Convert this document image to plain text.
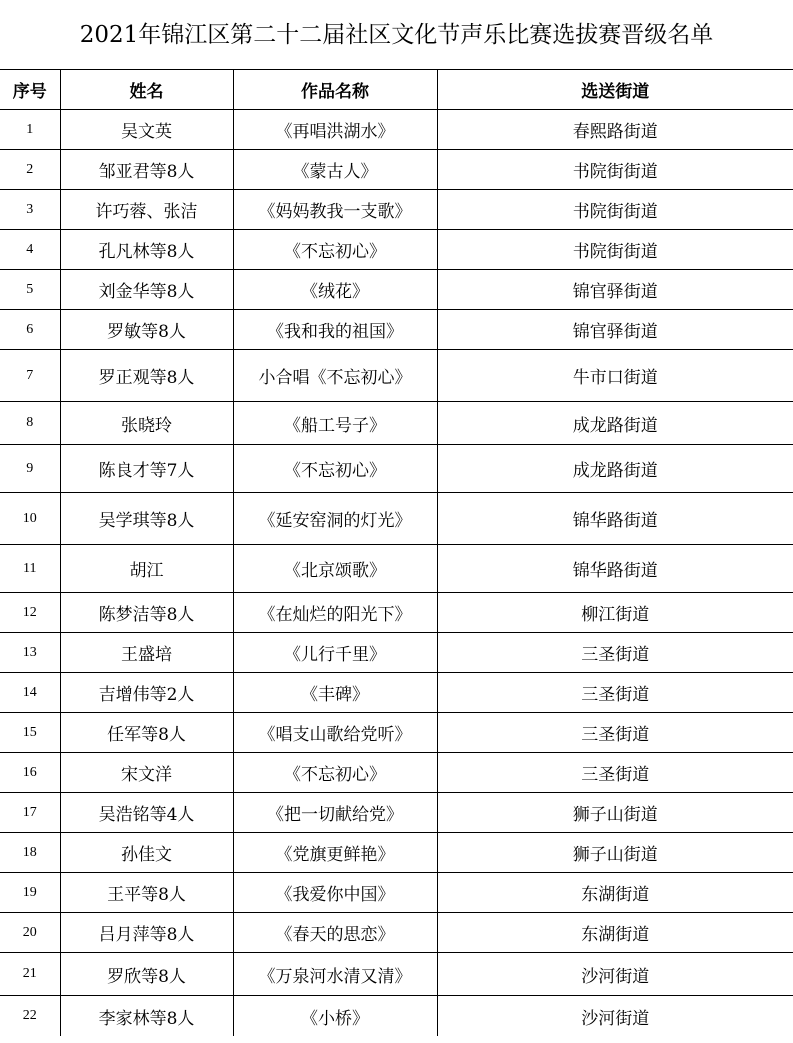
2021年锦江区第二十二届社区文化节声乐比赛选拔赛晋级名单
序号	姓名	作品名称	选送街道
1	吴文英	《再唱洪湖水》	春熙路街道
2	邹亚君等8人	《蒙古人》	书院街街道
3	许巧蓉、张洁	《妈妈教我一支歌》	书院街街道
4	孔凡林等8人	《不忘初心》	书院街街道
5	刘金华等8人	《绒花》	锦官驿街道
6	罗敏等8人	《我和我的祖国》	锦官驿街道
7	罗正观等8人	小合唱《不忘初心》	牛市口街道
8	张晓玲	《船工号子》	成龙路街道
9	陈良才等7人	《不忘初心》	成龙路街道
10	吴学琪等8人	《延安窑洞的灯光》	锦华路街道
11	胡江	《北京颂歌》	锦华路街道
12	陈梦洁等8人	《在灿烂的阳光下》	柳江街道
13	王盛培	《儿行千里》	三圣街道
14	吉增伟等2人	《丰碑》	三圣街道
15	任军等8人	《唱支山歌给党听》	三圣街道
16	宋文洋	《不忘初心》	三圣街道
17	吴浩铭等4人	《把一切献给党》	狮子山街道
18	孙佳文	《党旗更鲜艳》	狮子山街道
19	王平等8人	《我爱你中国》	东湖街道
20	吕月萍等8人	《春天的思恋》	东湖街道
21	罗欣等8人	《万泉河水清又清》	沙河街道
22	李家林等8人	《小桥》	沙河街道
